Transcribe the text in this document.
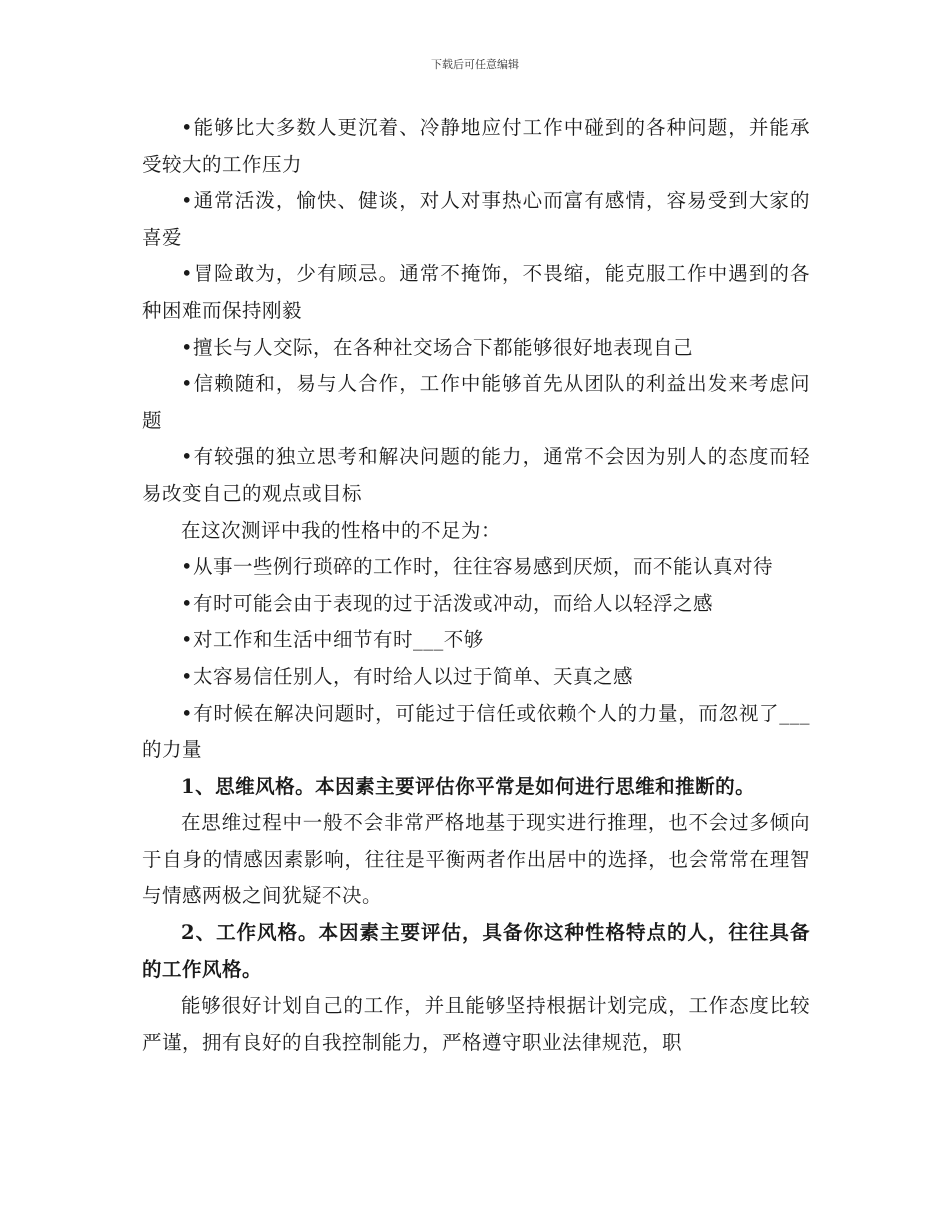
下载后可任意编辑

•能够比大多数人更沉着、冷静地应付工作中碰到的各种问题，并能承受较大的工作压力

•通常活泼，愉快、健谈，对人对事热心而富有感情，容易受到大家的喜爱

•冒险敢为，少有顾忌。通常不掩饰，不畏缩，能克服工作中遇到的各种困难而保持刚毅

•擅长与人交际，在各种社交场合下都能够很好地表现自己

•信赖随和，易与人合作，工作中能够首先从团队的利益出发来考虑问题

•有较强的独立思考和解决问题的能力，通常不会因为别人的态度而轻易改变自己的观点或目标

在这次测评中我的性格中的不足为：

•从事一些例行琐碎的工作时，往往容易感到厌烦，而不能认真对待

•有时可能会由于表现的过于活泼或冲动，而给人以轻浮之感

•对工作和生活中细节有时___不够

•太容易信任别人，有时给人以过于简单、天真之感

•有时候在解决问题时，可能过于信任或依赖个人的力量，而忽视了___的力量

1、思维风格。本因素主要评估你平常是如何进行思维和推断的。

在思维过程中一般不会非常严格地基于现实进行推理，也不会过多倾向于自身的情感因素影响，往往是平衡两者作出居中的选择，也会常常在理智与情感两极之间犹疑不决。

2、工作风格。本因素主要评估，具备你这种性格特点的人，往往具备的工作风格。

能够很好计划自己的工作，并且能够坚持根据计划完成，工作态度比较严谨，拥有良好的自我控制能力，严格遵守职业法律规范，职
